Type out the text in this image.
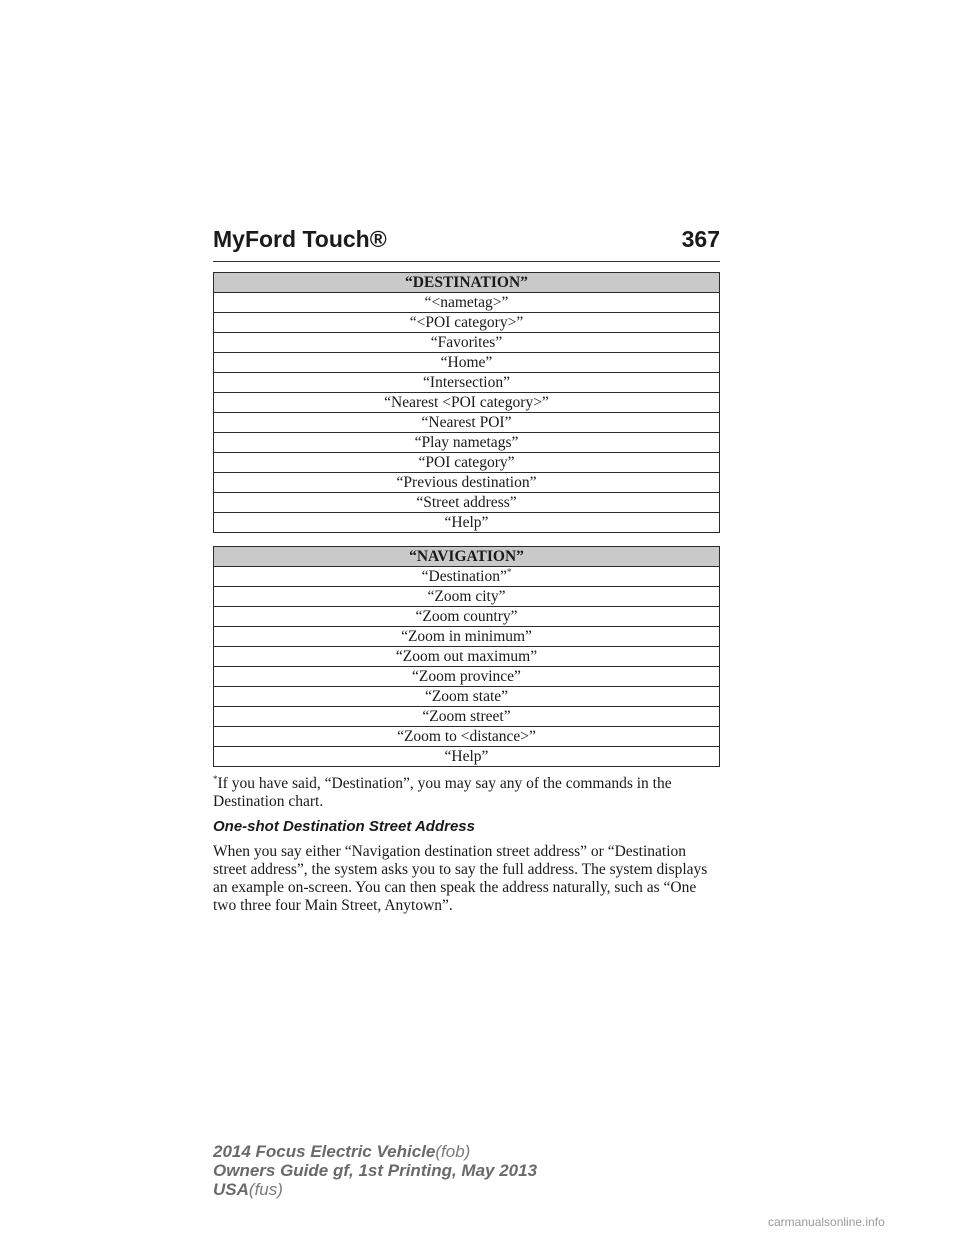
MyFord Touch®	367
“DESTINATION”
“<nametag>”
“<POI category>”
“Favorites”
“Home”
“Intersection”
“Nearest <POI category>”
“Nearest POI”
“Play nametags”
“POI category”
“Previous destination”
“Street address”
“Help”
“NAVIGATION”
“Destination”*
“Zoom city”
“Zoom country”
“Zoom in minimum”
“Zoom out maximum”
“Zoom province”
“Zoom state”
“Zoom street”
“Zoom to <distance>”
“Help”
*If you have said, “Destination”, you may say any of the commands in the Destination chart.
One-shot Destination Street Address
When you say either “Navigation destination street address” or “Destination street address”, the system asks you to say the full address. The system displays an example on-screen. You can then speak the address naturally, such as “One two three four Main Street, Anytown”.
2014 Focus Electric Vehicle(fob)
Owners Guide gf, 1st Printing, May 2013
USA(fus)
carmanualsonline.info
